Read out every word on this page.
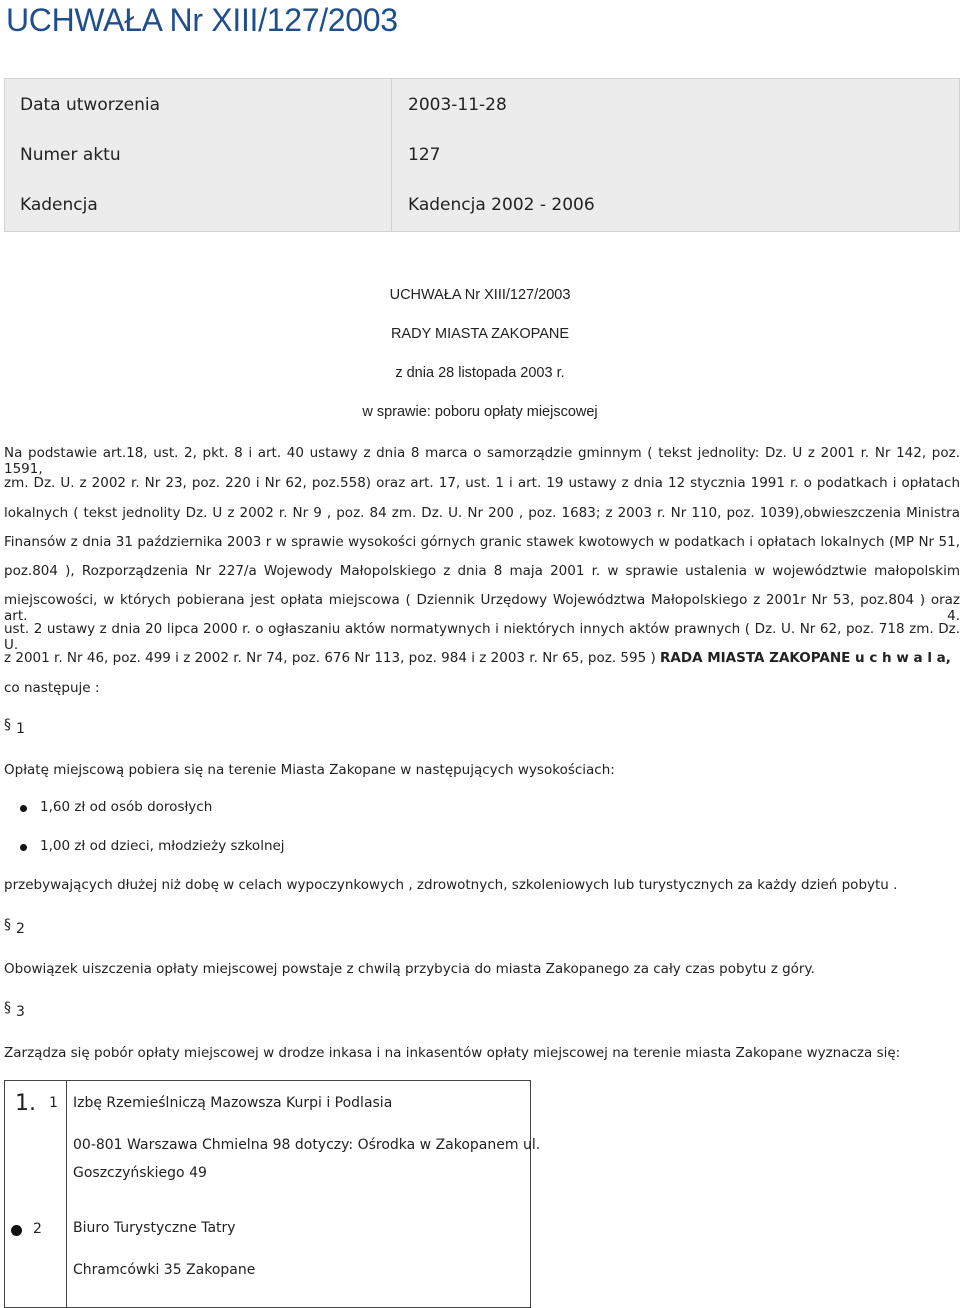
UCHWAŁA Nr XIII/127/2003
Data utworzenia	2003-11-28
Numer aktu	127
Kadencja	Kadencja 2002 - 2006
UCHWAŁA Nr XIII/127/2003
RADY MIASTA ZAKOPANE
z dnia 28 listopada 2003 r.
w sprawie: poboru opłaty miejscowej
Na podstawie art.18, ust. 2, pkt. 8 i art. 40 ustawy z dnia 8 marca o samorządzie gminnym ( tekst jednolity: Dz. U z 2001 r. Nr 142, poz. 1591,
zm. Dz. U. z 2002 r. Nr 23, poz. 220 i Nr 62, poz.558) oraz art. 17, ust. 1 i art. 19 ustawy z dnia 12 stycznia 1991 r. o podatkach i opłatach
lokalnych ( tekst jednolity Dz. U z 2002 r. Nr 9 , poz. 84 zm. Dz. U. Nr 200 , poz. 1683; z 2003 r. Nr 110, poz. 1039),obwieszczenia Ministra
Finansów z dnia 31 października 2003 r w sprawie wysokości górnych granic stawek kwotowych w podatkach i opłatach lokalnych (MP Nr 51,
poz.804 ), Rozporządzenia Nr 227/a Wojewody Małopolskiego z dnia 8 maja 2001 r. w sprawie ustalenia w województwie małopolskim
miejscowości, w których pobierana jest opłata miejscowa ( Dziennik Urzędowy Województwa Małopolskiego z 2001r Nr 53, poz.804 ) oraz art. 4.
ust. 2 ustawy z dnia 20 lipca 2000 r. o ogłaszaniu aktów normatywnych i niektórych innych aktów prawnych ( Dz. U. Nr 62, poz. 718 zm. Dz. U.
z 2001 r. Nr 46, poz. 499 i z 2002 r. Nr 74, poz. 676 Nr 113, poz. 984 i z 2003 r. Nr 65, poz. 595 ) RADA MIASTA ZAKOPANE u c h w a l a,
co następuje :
§ 1
Opłatę miejscową pobiera się na terenie Miasta Zakopane w następujących wysokościach:
1,60 zł od osób dorosłych
1,00 zł od dzieci, młodzieży szkolnej
przebywających dłużej niż dobę w celach wypoczynkowych , zdrowotnych, szkoleniowych lub turystycznych za każdy dzień pobytu .
§ 2
Obowiązek uiszczenia opłaty miejscowej powstaje z chwilą przybycia do miasta Zakopanego za cały czas pobytu z góry.
§ 3
Zarządza się pobór opłaty miejscowej w drodze inkasa i na inkasentów opłaty miejscowej na terenie miasta Zakopane wyznacza się:
1. 1 Izbę Rzemieślniczą Mazowsza Kurpi i Podlasia
00-801 Warszawa Chmielna 98 dotyczy: Ośrodka w Zakopanem ul.
Goszczyńskiego 49
2 Biuro Turystyczne Tatry
Chramcówki 35 Zakopane
